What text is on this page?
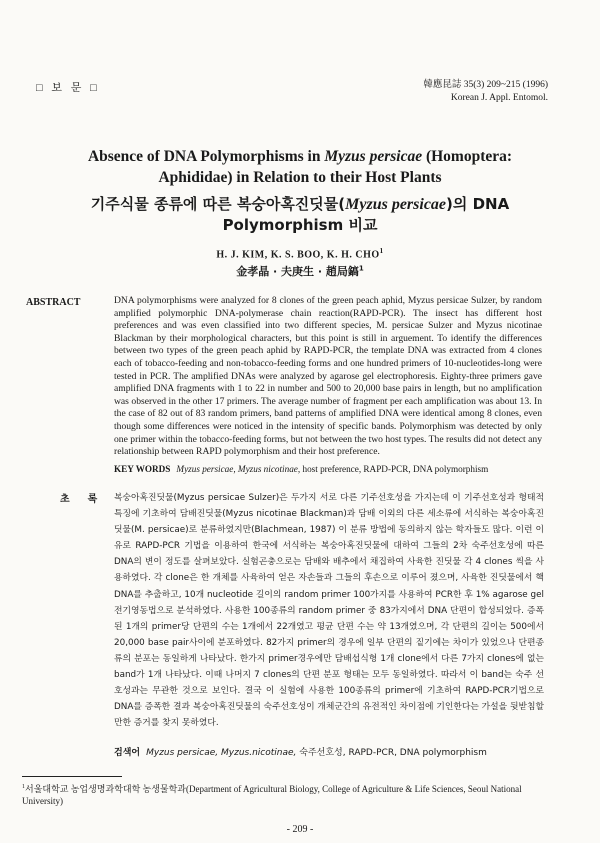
□ 보 문 □	韓應昆誌 35(3) 209~215 (1996)
Korean J. Appl. Entomol.
Absence of DNA Polymorphisms in Myzus persicae (Homoptera:
Aphididae) in Relation to their Host Plants
기주식물 종류에 따른 복숭아혹진딧물(Myzus persicae)의 DNA
Polymorphism 비교
H. J. KIM, K. S. BOO, K. H. CHO$^1$
金孝晶 · 夫庚生 · 趙局鎬$^1$
ABSTRACT	DNA polymorphisms were analyzed for 8 clones of the green peach aphid, Myzus persicae Sulzer, by random amplified polymorphic DNA-polymerase chain reaction(RAPD-PCR). The insect has different host preferences and was even classified into two different species, M. persicae Sulzer and Myzus nicotinae Blackman by their morphological characters, but this point is still in arguement. To identify the differences between two types of the green peach aphid by RAPD-PCR, the template DNA was extracted from 4 clones each of tobacco-feeding and non-tobacco-feeding forms and one hundred primers of 10-nucleotides-long were tested in PCR. The amplified DNAs were analyzed by agarose gel electrophoresis. Eighty-three primers gave amplified DNA fragments with 1 to 22 in number and 500 to 20,000 base pairs in length, but no amplification was observed in the other 17 primers. The average number of fragment per each amplification was about 13. In the case of 82 out of 83 random primers, band patterns of amplified DNA were identical among 8 clones, even though some differences were noticed in the intensity of specific bands. Polymorphism was detected by only one primer within the tobacco-feeding forms, but not between the two host types. The results did not detect any relationship between RAPD polymorphism and their host preference.
KEY WORDS Myzus persicae, Myzus nicotinae, host preference, RAPD-PCR, DNA polymorphism
초록
복숭아혹진딧물(Myzus persicae Sulzer)은 두가지 서로 다른 기주선호성을 가지는데 이 기주선호성과 형태적 특징에 기초하여 담배진딧물(Myzus nicotinae Blackman)과 담배 이외의 다른 세소류에 서식하는 복숭아혹진딧물(M. persicae)로 분류하였지만(Blachmean, 1987) 이 분류 방법에 동의하지 않는 학자들도 많다. 이런 이유로 RAPD-PCR 기법을 이용하여 한국에 서식하는 복숭아혹진딧물에 대하여 그들의 2차 숙주선호성에 따른 DNA의 변이 정도를 살펴보았다. 실험곤충으로는 담배와 배추에서 채집하여 사육한 진딧물 각 4 clones 씩을 사용하였다. 각 clone은 한 개체를 사육하여 얻은 자손들과 그들의 후손으로 이루어 졌으며, 사육한 진딧물에서 핵 DNA를 추출하고, 10개 nucleotide 길이의 random primer 100가지를 사용하여 PCR한 후 1% agarose gel 전기영동법으로 분석하였다. 사용한 100종류의 random primer 중 83가지에서 DNA 단편이 합성되었다. 증폭된 1개의 primer당 단편의 수는 1개에서 22개였고 평균 단편 수는 약 13개였으며, 각 단편의 길이는 500에서 20,000 base pair사이에 분포하였다. 82가지 primer의 경우에 일부 단편의 짙기에는 차이가 있었으나 단편종류의 분포는 동일하게 나타났다. 한가지 primer경우에만 담배섭식형 1개 clone에서 다른 7가지 clones에 없는 band가 1개 나타났다. 이때 나머지 7 clones의 단편 분포 형태는 모두 동일하였다. 따라서 이 band는 숙주 선호성과는 무관한 것으로 보인다. 결국 이 실험에 사용한 100종류의 primer에 기초하여 RAPD-PCR기법으로 DNA를 증폭한 결과 복숭아혹진딧물의 숙주선호성이 개체군간의 유전적인 차이점에 기인한다는 가설을 뒷받침할 만한 증거를 찾지 못하였다.
검색어 Myzus persicae, Myzus.nicotinae, 숙주선호성, RAPD-PCR, DNA polymorphism
$^1$서울대학교 농업생명과학대학 농생물학과(Department of Agricultural Biology, College of Agriculture & Life Sciences, Seoul National University)
- 209 -
